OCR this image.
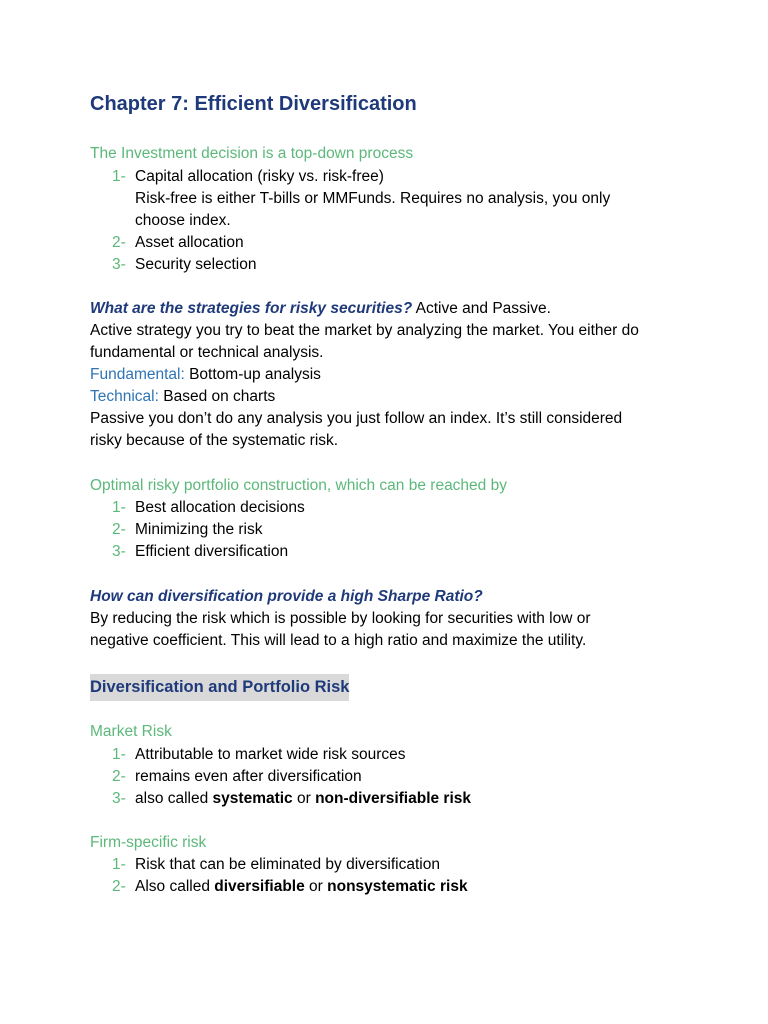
Chapter 7: Efficient Diversification
The Investment decision is a top-down process
1- Capital allocation (risky vs. risk-free)
Risk-free is either T-bills or MMFunds. Requires no analysis, you only
choose index.
2- Asset allocation
3- Security selection
What are the strategies for risky securities? Active and Passive.
Active strategy you try to beat the market by analyzing the market. You either do
fundamental or technical analysis.
Fundamental: Bottom-up analysis
Technical: Based on charts
Passive you don’t do any analysis you just follow an index. It’s still considered
risky because of the systematic risk.
Optimal risky portfolio construction, which can be reached by
1- Best allocation decisions
2- Minimizing the risk
3- Efficient diversification
How can diversification provide a high Sharpe Ratio?
By reducing the risk which is possible by looking for securities with low or
negative coefficient. This will lead to a high ratio and maximize the utility.
Diversification and Portfolio Risk
Market Risk
1- Attributable to market wide risk sources
2- remains even after diversification
3- also called systematic or non-diversifiable risk
Firm-specific risk
1- Risk that can be eliminated by diversification
2- Also called diversifiable or nonsystematic risk
